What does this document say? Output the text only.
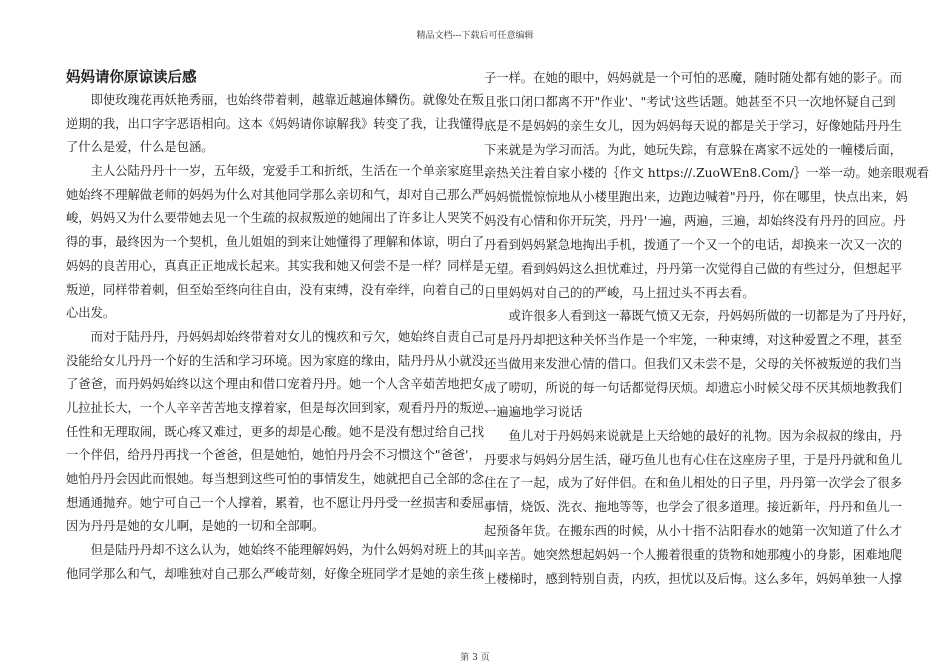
精品文档---下载后可任意编辑
妈妈请你原谅读后感
　　即使玫瑰花再妖艳秀丽，也始终带着刺，越靠近越遍体鳞伤。就像处在叛
逆期的我，出口字字恶语相向。这本《妈妈请你谅解我》转变了我，让我懂得
了什么是爱，什么是包涵。
　　主人公陆丹丹十一岁，五年级，宠爱手工和折纸，生活在一个单亲家庭里，
她始终不理解做老师的妈妈为什么对其他同学那么亲切和气，却对自己那么严
峻，妈妈又为什么要带她去见一个生疏的叔叔叛逆的她闹出了许多让人哭笑不
得的事，最终因为一个契机，鱼儿姐姐的到来让她懂得了理解和体谅，明白了
妈妈的良苦用心，真真正正地成长起来。其实我和她又何尝不是一样？同样是
叛逆，同样带着刺，但至始至终向往自由，没有束缚，没有牵绊，向着自己的
心出发。
　　而对于陆丹丹，丹妈妈却始终带着对女儿的愧疚和亏欠，她始终自责自己
没能给女儿丹丹一个好的生活和学习环境。因为家庭的缘由，陆丹丹从小就没
了爸爸，而丹妈妈始终以这个理由和借口宠着丹丹。她一个人含辛茹苦地把女
儿拉扯长大，一个人辛辛苦苦地支撑着家，但是每次回到家，观看丹丹的叛逆、
任性和无理取闹，既心疼又难过，更多的却是心酸。她不是没有想过给自己找
一个伴侣，给丹丹再找一个爸爸，但是她怕，她怕丹丹会不习惯这个"爸爸'，
她怕丹丹会因此而恨她。每当想到这些可怕的事情发生，她就把自己全部的念
想通通抛弃。她宁可自己一个人撑着，累着，也不愿让丹丹受一丝损害和委屈。
因为丹丹是她的女儿啊，是她的一切和全部啊。
　　但是陆丹丹却不这么认为，她始终不能理解妈妈，为什么妈妈对班上的其
他同学那么和气，却唯独对自己那么严峻苛刻，好像全班同学才是她的亲生孩
子一样。在她的眼中，妈妈就是一个可怕的恶魔，随时随处都有她的影子。而
且张口闭口都离不开"作业'、"考试'这些话题。她甚至不只一次地怀疑自己到
底是不是妈妈的亲生女儿，因为妈妈每天说的都是关于学习，好像她陆丹丹生
下来就是为学习而活。为此，她玩失踪，有意躲在离家不远处的一幢楼后面，
亲热关注着自家小楼的｛作文 https://.ZuoWEn8.Com/｝一举一动。她亲眼观看
妈妈慌慌惊惊地从小楼里跑出来，边跑边喊着"丹丹，你在哪里，快点出来，妈
妈没有心情和你开玩笑，丹丹'一遍，两遍，三遍，却始终没有丹丹的回应。丹
丹看到妈妈紧急地掏出手机，拨通了一个又一个的电话，却换来一次又一次的
无望。看到妈妈这么担忧难过，丹丹第一次觉得自己做的有些过分，但想起平
日里妈妈对自己的的严峻，马上扭过头不再去看。
　　或许很多人看到这一幕既气愤又无奈，丹妈妈所做的一切都是为了丹丹好，
可是丹丹却把这种关怀当作是一个牢笼，一种束缚，对这种爱置之不理，甚至
还当做用来发泄心情的借口。但我们又未尝不是，父母的关怀被叛逆的我们当
成了唠叨，所说的每一句话都觉得厌烦。却遗忘小时候父母不厌其烦地教我们
一遍遍地学习说话
　　鱼儿对于丹妈妈来说就是上天给她的最好的礼物。因为余叔叔的缘由，丹
丹要求与妈妈分居生活，碰巧鱼儿也有心住在这座房子里，于是丹丹就和鱼儿
住在了一起，成为了好伴侣。在和鱼儿相处的日子里，丹丹第一次学会了很多
事情，烧饭、洗衣、拖地等等，也学会了很多道理。接近新年，丹丹和鱼儿一
起预备年货。在搬东西的时候，从小十指不沾阳春水的她第一次知道了什么才
叫辛苦。她突然想起妈妈一个人搬着很重的货物和她那瘦小的身影，困难地爬
上楼梯时，感到特别自责，内疚，担忧以及后悔。这么多年，妈妈单独一人撑
第 3 页
